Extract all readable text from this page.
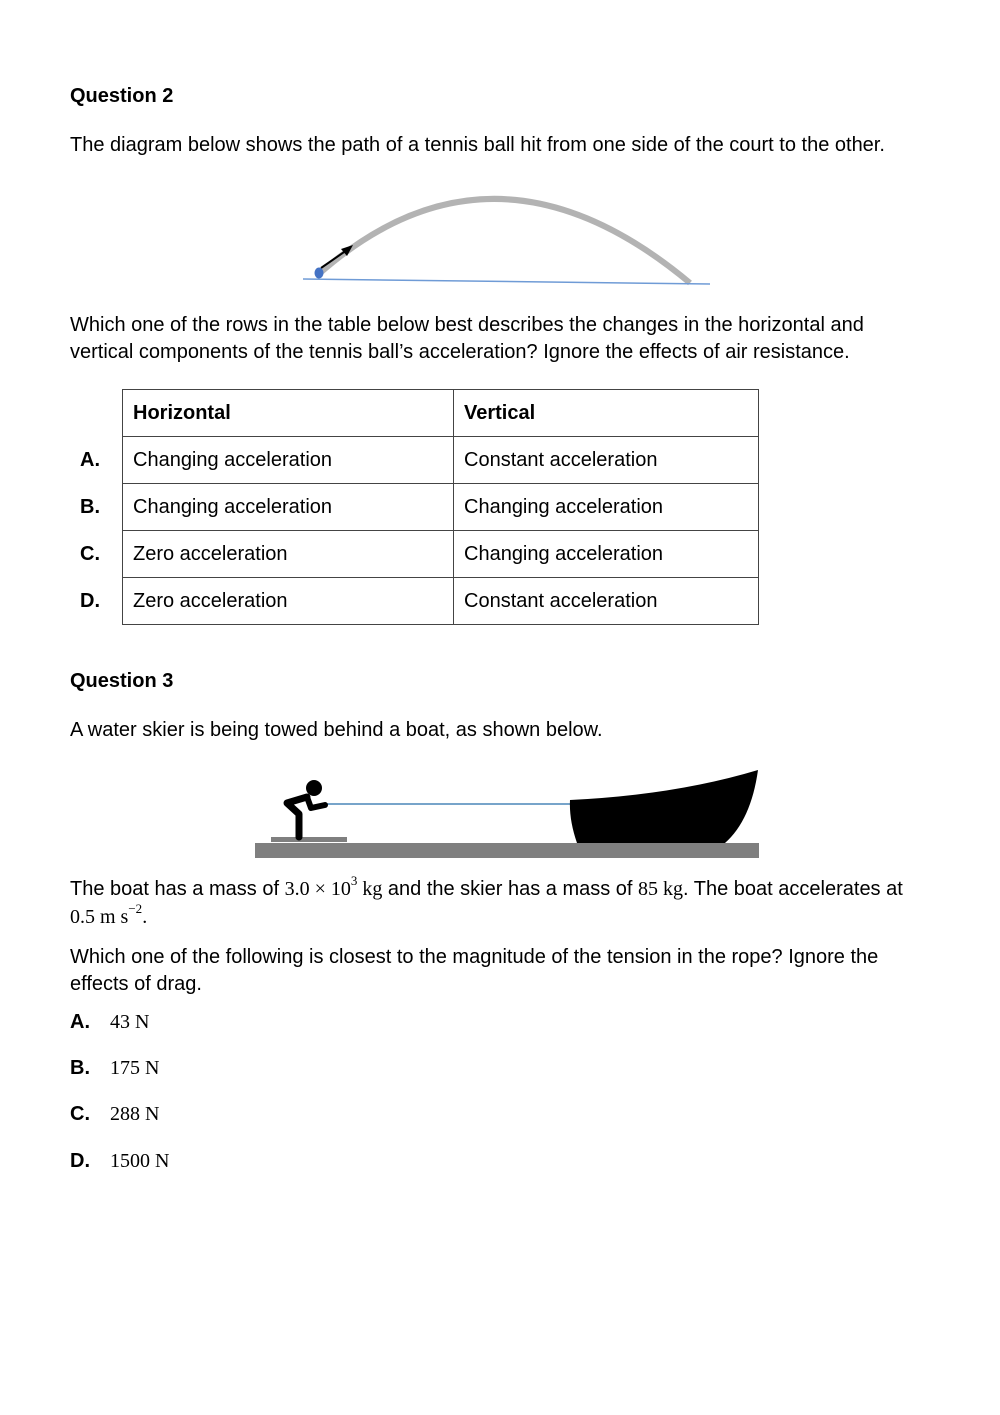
Question 2
The diagram below shows the path of a tennis ball hit from one side of the court to the other.
Which one of the rows in the table below best describes the changes in the horizontal and
vertical components of the tennis ball’s acceleration? Ignore the effects of air resistance.
	Horizontal	Vertical
A.	Changing acceleration	Constant acceleration
B.	Changing acceleration	Changing acceleration
C.	Zero acceleration	Changing acceleration
D.	Zero acceleration	Constant acceleration
Question 3
A water skier is being towed behind a boat, as shown below.
The boat has a mass of $3.0 \times 10^3$ kg and the skier has a mass of 85 kg. The boat accelerates at
0.5 m $s^{-2}$.
Which one of the following is closest to the magnitude of the tension in the rope? Ignore the
effects of drag.
A. 43 N
B. 175 N
C. 288 N
D. 1500 N
